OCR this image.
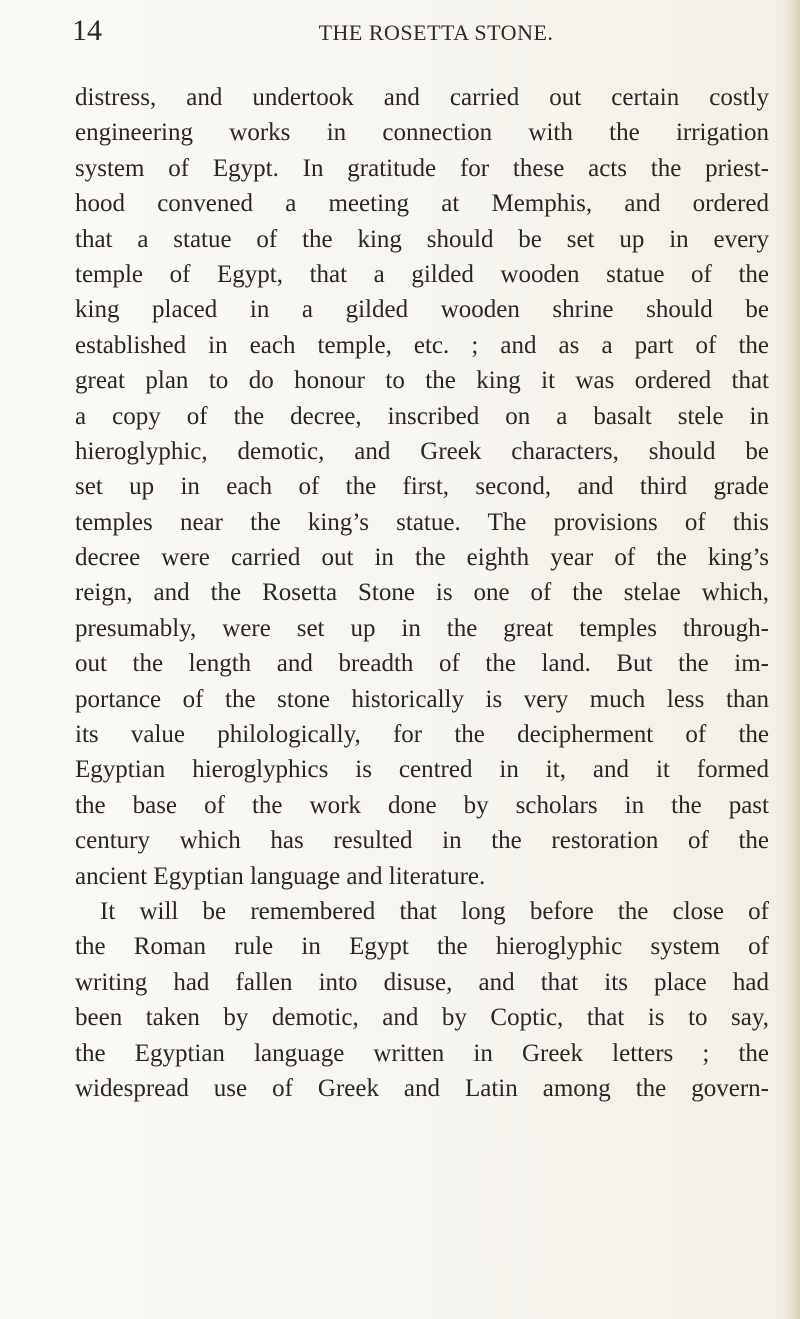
14	THE ROSETTA STONE.
distress, and undertook and carried out certain costly
engineering works in connection with the irrigation
system of Egypt. In gratitude for these acts the priest-
hood convened a meeting at Memphis, and ordered
that a statue of the king should be set up in every
temple of Egypt, that a gilded wooden statue of the
king placed in a gilded wooden shrine should be
established in each temple, etc. ; and as a part of the
great plan to do honour to the king it was ordered that
a copy of the decree, inscribed on a basalt stele in
hieroglyphic, demotic, and Greek characters, should be
set up in each of the first, second, and third grade
temples near the king’s statue. The provisions of this
decree were carried out in the eighth year of the king’s
reign, and the Rosetta Stone is one of the stelae which,
presumably, were set up in the great temples through-
out the length and breadth of the land. But the im-
portance of the stone historically is very much less than
its value philologically, for the decipherment of the
Egyptian hieroglyphics is centred in it, and it formed
the base of the work done by scholars in the past
century which has resulted in the restoration of the
ancient Egyptian language and literature.
It will be remembered that long before the close of
the Roman rule in Egypt the hieroglyphic system of
writing had fallen into disuse, and that its place had
been taken by demotic, and by Coptic, that is to say,
the Egyptian language written in Greek letters ; the
widespread use of Greek and Latin among the govern-
